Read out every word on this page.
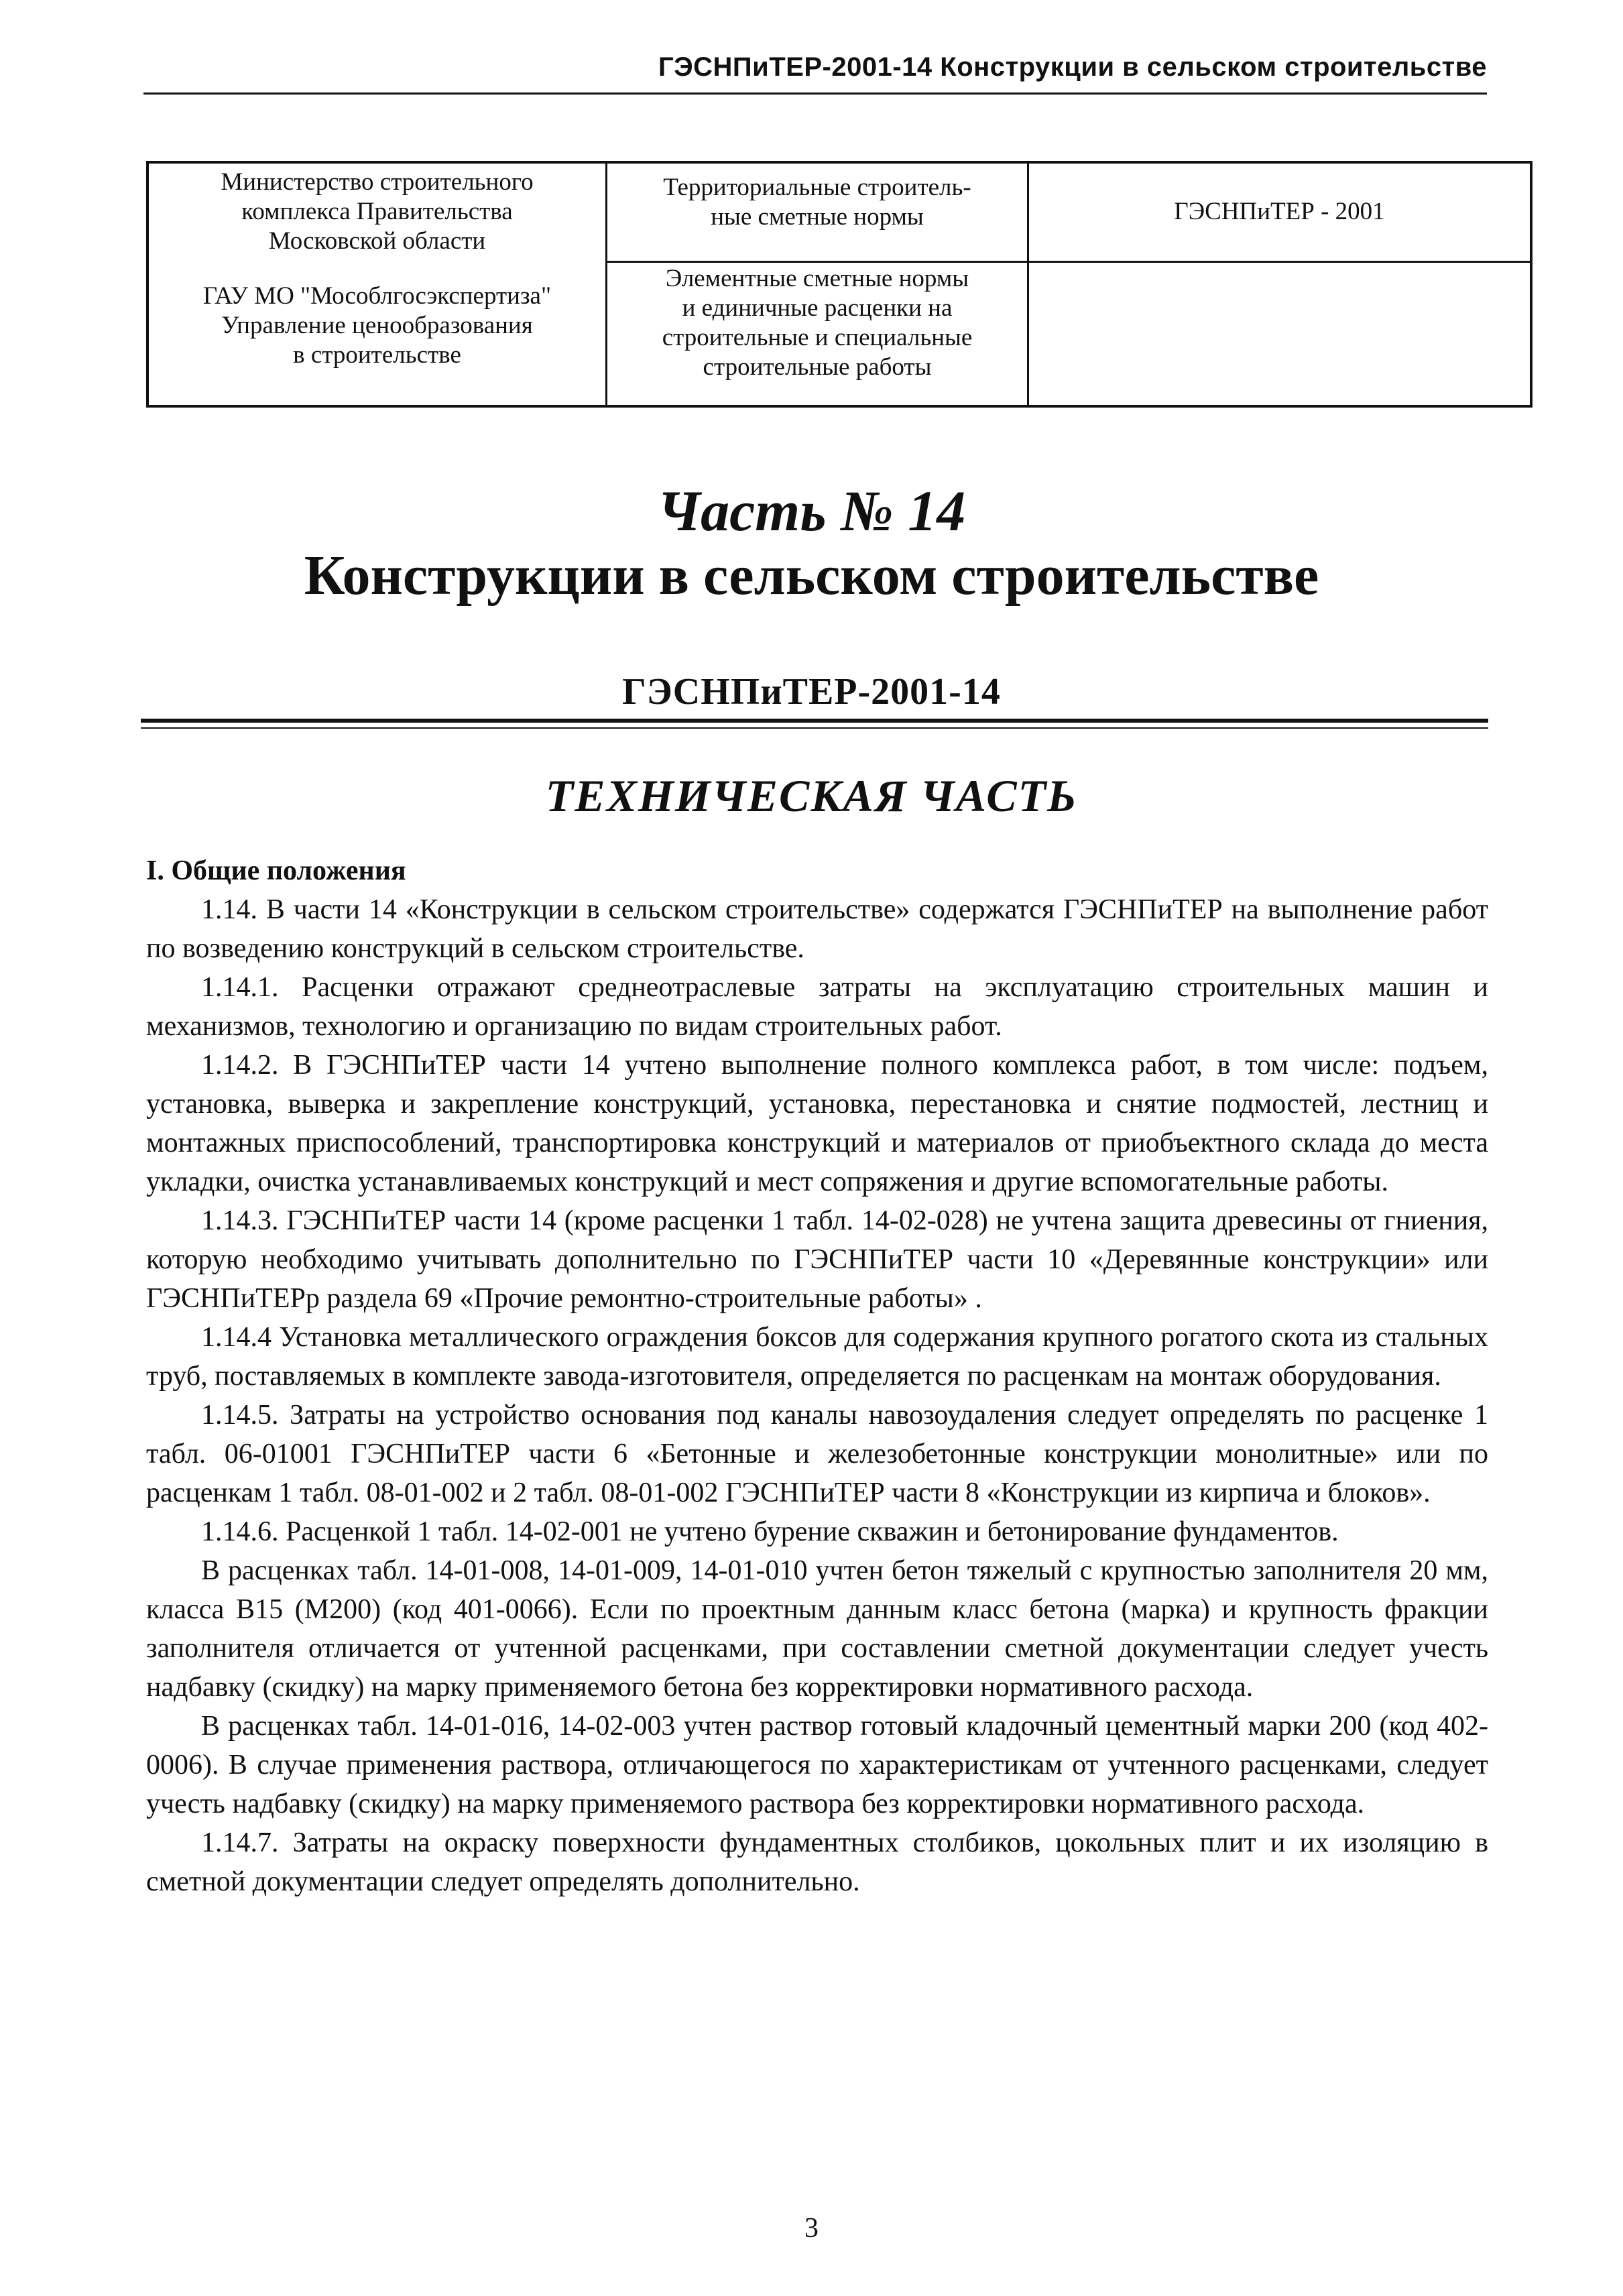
ГЭСНПиТЕР-2001-14 Конструкции в сельском строительстве
Министерство строительного
комплекса Правительства
Московской области
ГАУ МО "Мособлгосэкспертиза"
Управление ценообразования
в строительстве
Территориальные строитель-
ные сметные нормы
Элементные сметные нормы
и единичные расценки на
строительные и специальные
строительные работы
ГЭСНПиТЕР - 2001
Часть № 14
Конструкции в сельском строительстве
ГЭСНПиТЕР-2001-14
ТЕХНИЧЕСКАЯ ЧАСТЬ

I. Общие положения

1.14. В части 14 «Конструкции в сельском строительстве» содержатся ГЭСНПиТЕР на выполнение работ по возведению конструкций в сельском строительстве.

1.14.1. Расценки отражают среднеотраслевые затраты на эксплуатацию строительных машин и механизмов, технологию и организацию по видам строительных работ.

1.14.2. В ГЭСНПиТЕР части 14 учтено выполнение полного комплекса работ, в том числе: подъем, установка, выверка и закрепление конструкций, установка, перестановка и снятие подмостей, лестниц и монтажных приспособлений, транспортировка конструкций и материалов от приобъектного склада до места укладки, очистка устанавливаемых конструкций и мест сопряжения и другие вспомогательные работы.

1.14.3. ГЭСНПиТЕР части 14 (кроме расценки 1 табл. 14-02-028) не учтена защита древесины от гниения, которую необходимо учитывать дополнительно по ГЭСНПиТЕР части 10 «Деревянные конструкции» или ГЭСНПиТЕРр раздела 69 «Прочие ремонтно-строительные работы» .

1.14.4 Установка металлического ограждения боксов для содержания крупного рогатого скота из стальных труб, поставляемых в комплекте завода-изготовителя, определяется по расценкам на монтаж оборудования.

1.14.5. Затраты на устройство основания под каналы навозоудаления следует определять по расценке 1 табл. 06-01001 ГЭСНПиТЕР части 6 «Бетонные и железобетонные конструкции монолитные» или по расценкам 1 табл. 08-01-002 и 2 табл. 08-01-002 ГЭСНПиТЕР части 8 «Конструкции из кирпича и блоков».

1.14.6. Расценкой 1 табл. 14-02-001 не учтено бурение скважин и бетонирование фундаментов.

В расценках табл. 14-01-008, 14-01-009, 14-01-010 учтен бетон тяжелый с крупностью заполнителя 20 мм, класса В15 (М200) (код 401-0066). Если по проектным данным класс бетона (марка) и крупность фракции заполнителя отличается от учтенной расценками, при составлении сметной документации следует учесть надбавку (скидку) на марку применяемого бетона без корректировки нормативного расхода.

В расценках табл. 14-01-016, 14-02-003 учтен раствор готовый кладочный цементный марки 200 (код 402-0006). В случае применения раствора, отличающегося по характеристикам от учтенного расценками, следует учесть надбавку (скидку) на марку применяемого раствора без корректировки нормативного расхода.

1.14.7. Затраты на окраску поверхности фундаментных столбиков, цокольных плит и их изоляцию в сметной документации следует определять дополнительно.

3
